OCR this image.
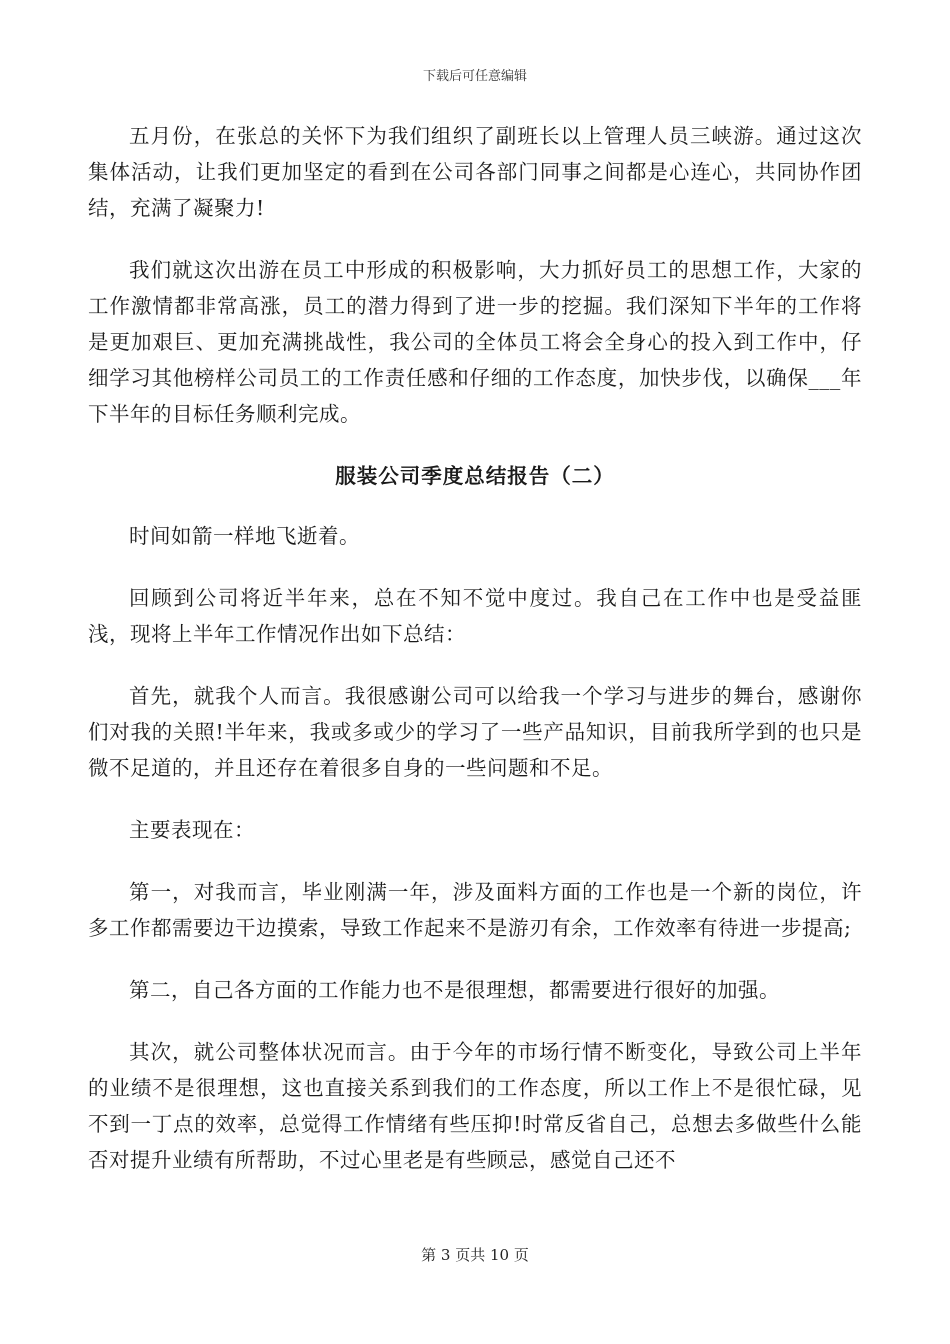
下载后可任意编辑

五月份，在张总的关怀下为我们组织了副班长以上管理人员三峡游。通过这次集体活动，让我们更加坚定的看到在公司各部门同事之间都是心连心，共同协作团结，充满了凝聚力!

我们就这次出游在员工中形成的积极影响，大力抓好员工的思想工作，大家的工作激情都非常高涨，员工的潜力得到了进一步的挖掘。我们深知下半年的工作将是更加艰巨、更加充满挑战性，我公司的全体员工将会全身心的投入到工作中，仔细学习其他榜样公司员工的工作责任感和仔细的工作态度，加快步伐，以确保___年下半年的目标任务顺利完成。

服装公司季度总结报告（二）

时间如箭一样地飞逝着。

回顾到公司将近半年来，总在不知不觉中度过。我自己在工作中也是受益匪浅，现将上半年工作情况作出如下总结：

首先，就我个人而言。我很感谢公司可以给我一个学习与进步的舞台，感谢你们对我的关照!半年来，我或多或少的学习了一些产品知识，目前我所学到的也只是微不足道的，并且还存在着很多自身的一些问题和不足。

主要表现在：

第一，对我而言，毕业刚满一年，涉及面料方面的工作也是一个新的岗位，许多工作都需要边干边摸索，导致工作起来不是游刃有余，工作效率有待进一步提高;

第二，自己各方面的工作能力也不是很理想，都需要进行很好的加强。

其次，就公司整体状况而言。由于今年的市场行情不断变化，导致公司上半年的业绩不是很理想，这也直接关系到我们的工作态度，所以工作上不是很忙碌，见不到一丁点的效率，总觉得工作情绪有些压抑!时常反省自己，总想去多做些什么能否对提升业绩有所帮助，不过心里老是有些顾忌，感觉自己还不

第 3 页共 10 页
